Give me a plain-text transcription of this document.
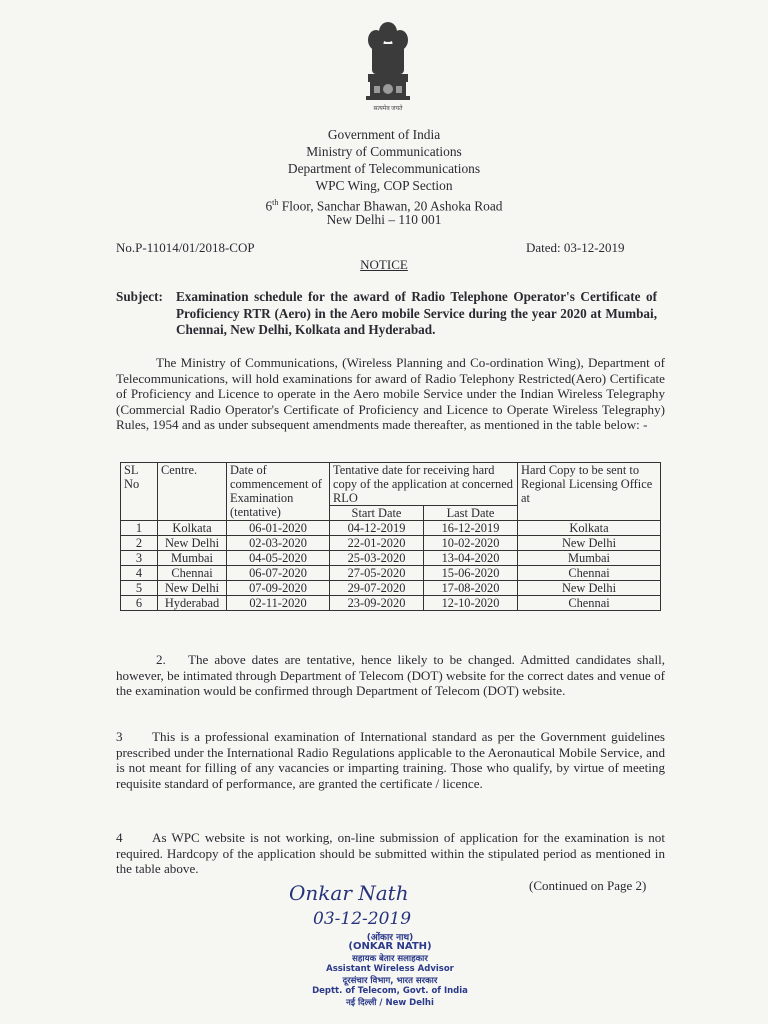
सत्यमेव जयते
Government of India
Ministry of Communications
Department of Telecommunications
WPC Wing, COP Section
6th Floor, Sanchar Bhawan, 20 Ashoka Road
New Delhi – 110 001
No.P-11014/01/2018-COP	Dated: 03-12-2019
NOTICE
Subject: Examination schedule for the award of Radio Telephone Operator's Certificate of Proficiency RTR (Aero) in the Aero mobile Service during the year 2020 at Mumbai, Chennai, New Delhi, Kolkata and Hyderabad.
The Ministry of Communications, (Wireless Planning and Co-ordination Wing), Department of Telecommunications, will hold examinations for award of Radio Telephony Restricted(Aero) Certificate of Proficiency and Licence to operate in the Aero mobile Service under the Indian Wireless Telegraphy (Commercial Radio Operator's Certificate of Proficiency and Licence to Operate Wireless Telegraphy) Rules, 1954 and as under subsequent amendments made thereafter, as mentioned in the table below: -
SL No	Centre.	Date of commencement of Examination (tentative)	Tentative date for receiving hard copy of the application at concerned RLO		Hard Copy to be sent to Regional Licensing Office at
			Start Date	Last Date	
1	Kolkata	06-01-2020	04-12-2019	16-12-2019	Kolkata
2	New Delhi	02-03-2020	22-01-2020	10-02-2020	New Delhi
3	Mumbai	04-05-2020	25-03-2020	13-04-2020	Mumbai
4	Chennai	06-07-2020	27-05-2020	15-06-2020	Chennai
5	New Delhi	07-09-2020	29-07-2020	17-08-2020	New Delhi
6	Hyderabad	02-11-2020	23-09-2020	12-10-2020	Chennai
2. The above dates are tentative, hence likely to be changed. Admitted candidates shall, however, be intimated through Department of Telecom (DOT) website for the correct dates and venue of the examination would be confirmed through Department of Telecom (DOT) website.
3 This is a professional examination of International standard as per the Government guidelines prescribed under the International Radio Regulations applicable to the Aeronautical Mobile Service, and is not meant for filling of any vacancies or imparting training. Those who qualify, by virtue of meeting requisite standard of performance, are granted the certificate / licence.
4 As WPC website is not working, on-line submission of application for the examination is not required. Hardcopy of the application should be submitted within the stipulated period as mentioned in the table above.
(Continued on Page 2)
Onkar Nath
03-12-2019
(ओंकार नाथ)
(ONKAR NATH)
सहायक बेतार सलाहकार
Assistant Wireless Advisor
दूरसंचार विभाग, भारत सरकार
Deptt. of Telecom, Govt. of India
नई दिल्ली / New Delhi
